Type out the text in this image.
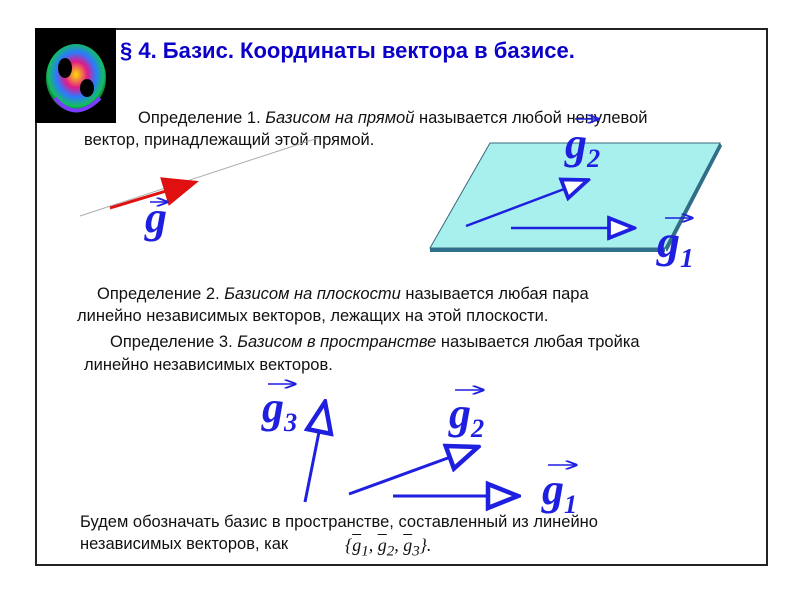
§ 4. Базис. Координаты вектора в базисе.
Определение 1. Базисом на прямой называется любой ненулевой
вектор, принадлежащий этой прямой.
Определение 2. Базисом на плоскости называется любая пара
линейно независимых векторов, лежащих на этой плоскости.
Определение 3. Базисом в пространстве называется любая тройка
линейно независимых векторов.
Будем обозначать базис в пространстве, составленный из линейно
независимых векторов, как	{$\overline{g}_1$, $\overline{g}_2$, $\overline{g}_3$}.
g
$g_2$
$g_1$
$g_3$	$g_2$
$g_1$
